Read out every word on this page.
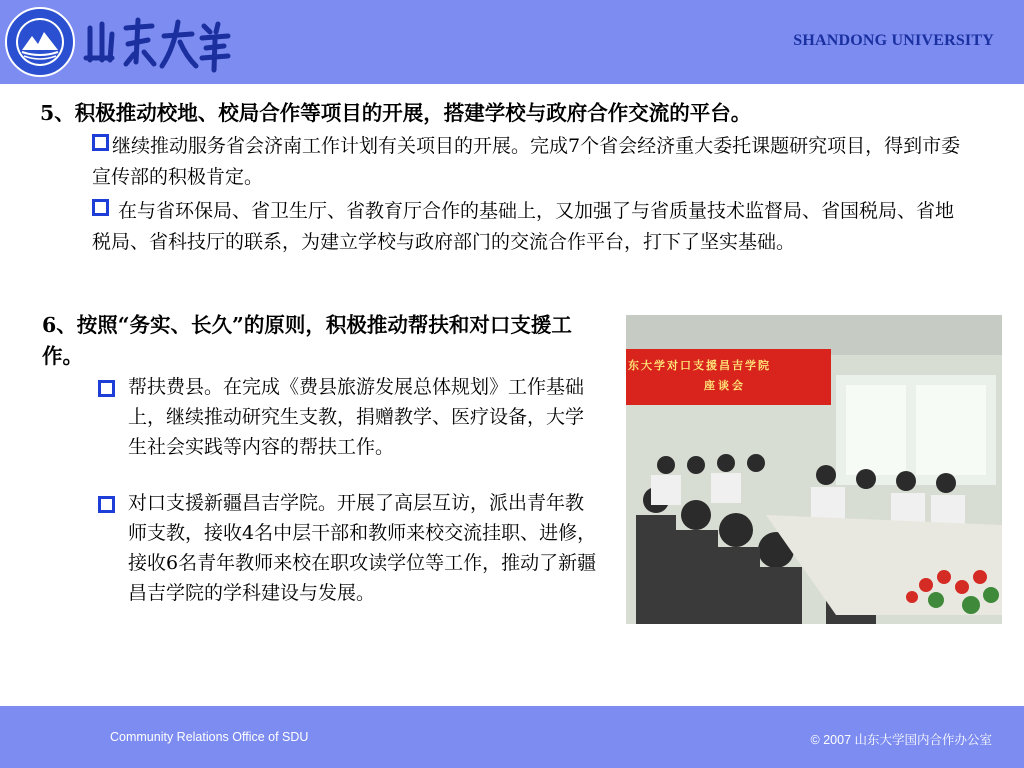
SHANDONG UNIVERSITY
5、积极推动校地、校局合作等项目的开展，搭建学校与政府合作交流的平台。
继续推动服务省会济南工作计划有关项目的开展。完成7个省会经济重大委托课题研究项目，得到市委宣传部的积极肯定。
在与省环保局、省卫生厅、省教育厅合作的基础上，又加强了与省质量技术监督局、省国税局、省地税局、省科技厅的联系，为建立学校与政府部门的交流合作平台，打下了坚实基础。
6、按照“务实、长久”的原则，积极推动帮扶和对口支援工作。
帮扶费县。在完成《费县旅游发展总体规划》工作基础上，继续推动研究生支教，捐赠教学、医疗设备，大学生社会实践等内容的帮扶工作。
对口支援新疆昌吉学院。开展了高层互访，派出青年教师支教，接收4名中层干部和教师来校交流挂职、进修，接收6名青年教师来校在职攻读学位等工作，推动了新疆昌吉学院的学科建设与发展。
东大学对口支援昌吉学院
座谈会
Community Relations Office of SDU	© 2007 山东大学国内合作办公室
